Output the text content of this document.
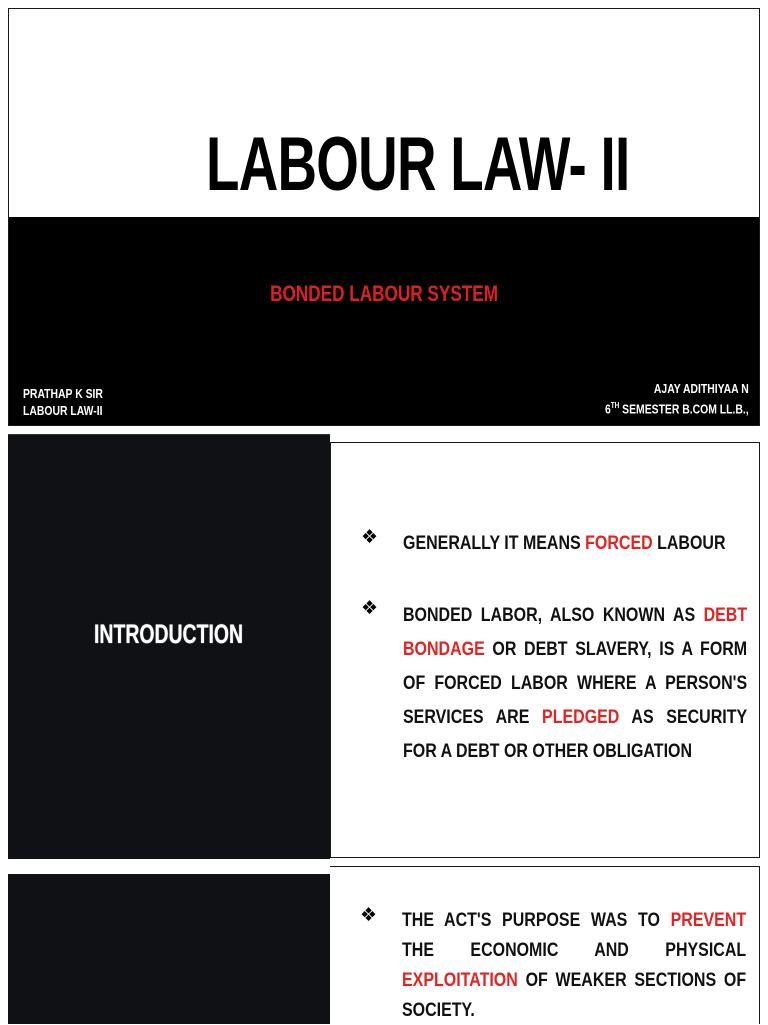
LABOUR LAW- II
BONDED LABOUR SYSTEM
PRATHAP K SIR
LABOUR LAW-II
AJAY ADITHIYAA N
6TH SEMESTER B.COM LL.B.,
INTRODUCTION
❖ GENERALLY IT MEANS FORCED LABOUR
❖ BONDED LABOR, ALSO KNOWN AS DEBT BONDAGE OR DEBT SLAVERY, IS A FORM OF FORCED LABOR WHERE A PERSON'S SERVICES ARE PLEDGED AS SECURITY FOR A DEBT OR OTHER OBLIGATION
❖ THE ACT'S PURPOSE WAS TO PREVENT THE ECONOMIC AND PHYSICAL EXPLOITATION OF WEAKER SECTIONS OF SOCIETY.
